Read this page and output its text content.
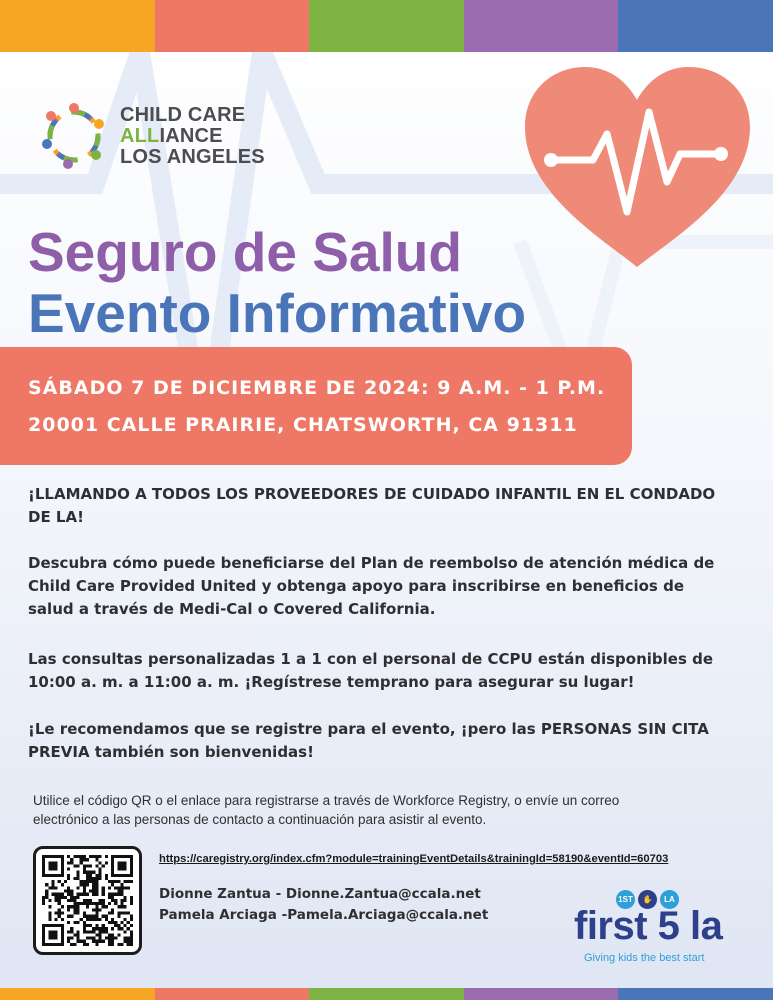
CHILD CARE
ALLIANCE
LOS ANGELES
Seguro de Salud
Evento Informativo
SÁBADO 7 DE DICIEMBRE DE 2024: 9 A.M. - 1 P.M.
20001 CALLE PRAIRIE, CHATSWORTH, CA 91311
¡LLAMANDO A TODOS LOS PROVEEDORES DE CUIDADO INFANTIL EN EL CONDADO DE LA!
Descubra cómo puede beneficiarse del Plan de reembolso de atención médica de Child Care Provided United y obtenga apoyo para inscribirse en beneficios de salud a través de Medi-Cal o Covered California.
Las consultas personalizadas 1 a 1 con el personal de CCPU están disponibles de 10:00 a. m. a 11:00 a. m. ¡Regístrese temprano para asegurar su lugar!
¡Le recomendamos que se registre para el evento, ¡pero las PERSONAS SIN CITA PREVIA también son bienvenidas!
Utilice el código QR o el enlace para registrarse a través de Workforce Registry, o envíe un correo electrónico a las personas de contacto a continuación para asistir al evento.
https://caregistry.org/index.cfm?module=trainingEventDetails&trainingId=58190&eventId=60703
Dionne Zantua - Dionne.Zantua@ccala.net
Pamela Arciaga -Pamela.Arciaga@ccala.net
1ST	✋	LA
first 5 la
Giving kids the best start
